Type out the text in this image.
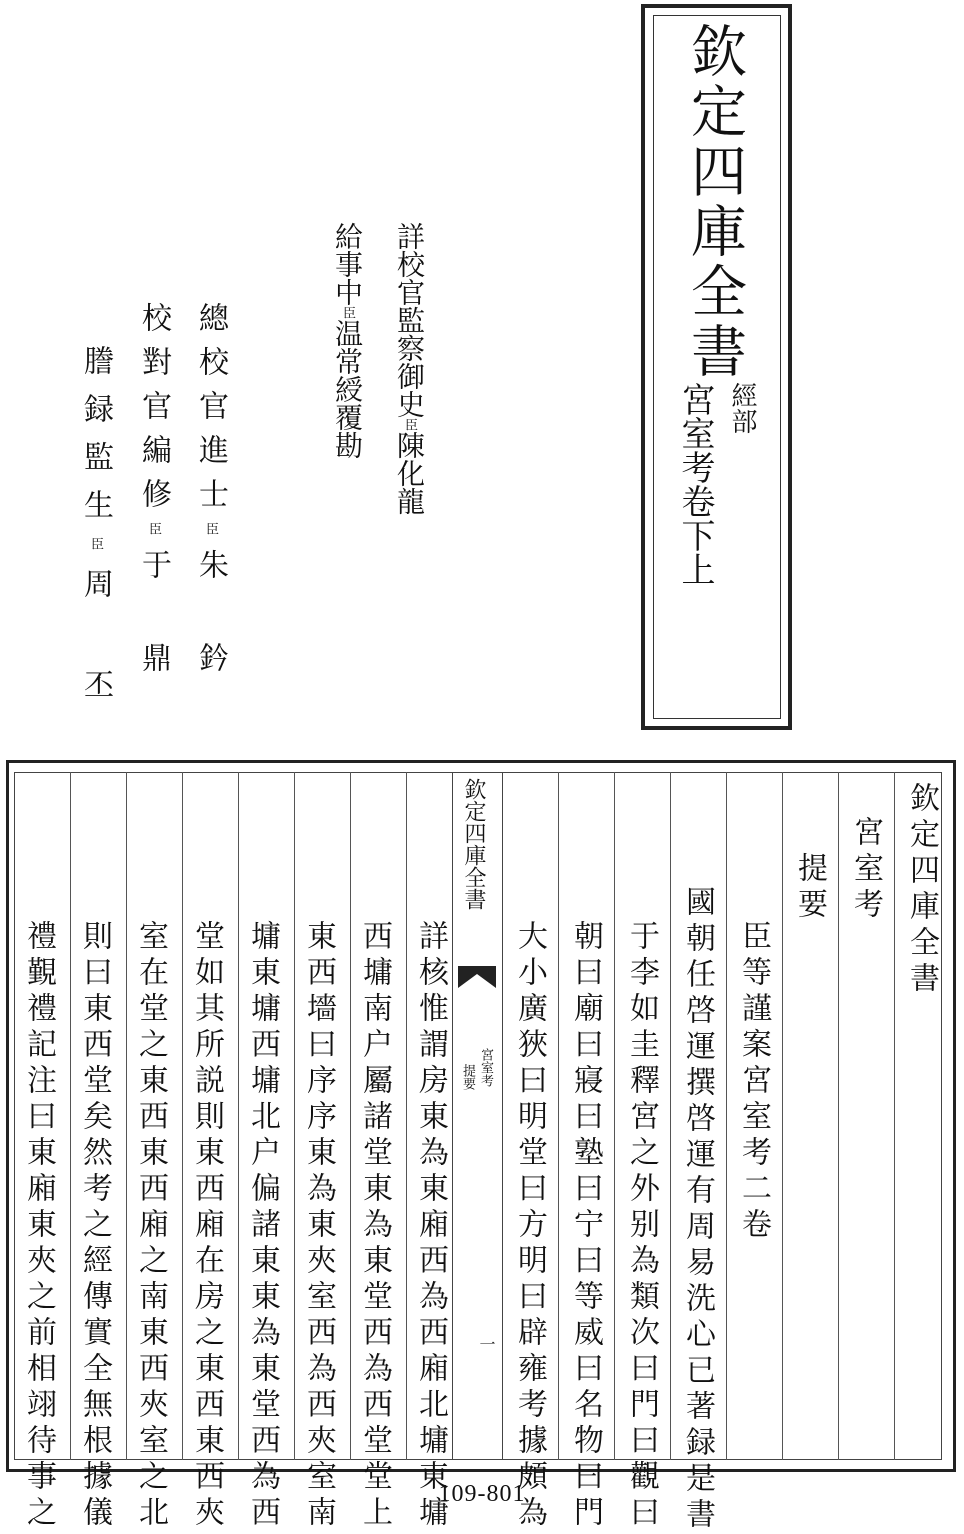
欽定四庫全書
經部
宮室考卷下上
詳校官監察御史臣陳化龍
給事中臣温常綬覆勘
總校官進士臣朱 鈐
校對官編修臣于 鼎
謄録監生臣周 丕
欽定四庫全書
宮室考
提要
一
欽定四庫全書
宮室考
提要
臣等謹案宮室考二卷
國朝任啓運撰啓運有周易洗心已著録是書
于李如圭釋宮之外别為類次曰門曰觀曰
朝曰廟曰寢曰塾曰宁曰等威曰名物曰門
大小廣狹曰明堂曰方明曰辟雍考據頗為
詳核惟謂房東為東廂西為西廂北墉東墉
西墉南户屬諸堂東為東堂西為西堂堂上
東西墻曰序序東為東夾室西為西夾室南
墉東墉西墉北户偏諸東東為東堂西為西
堂如其所説則東西廂在房之東西東西夾
室在堂之東西東西廂之南東西夾室之北
則曰東西堂矣然考之經傳實全無根據儀
禮覲禮記注曰東廂東夾之前相翊待事之	109-801
